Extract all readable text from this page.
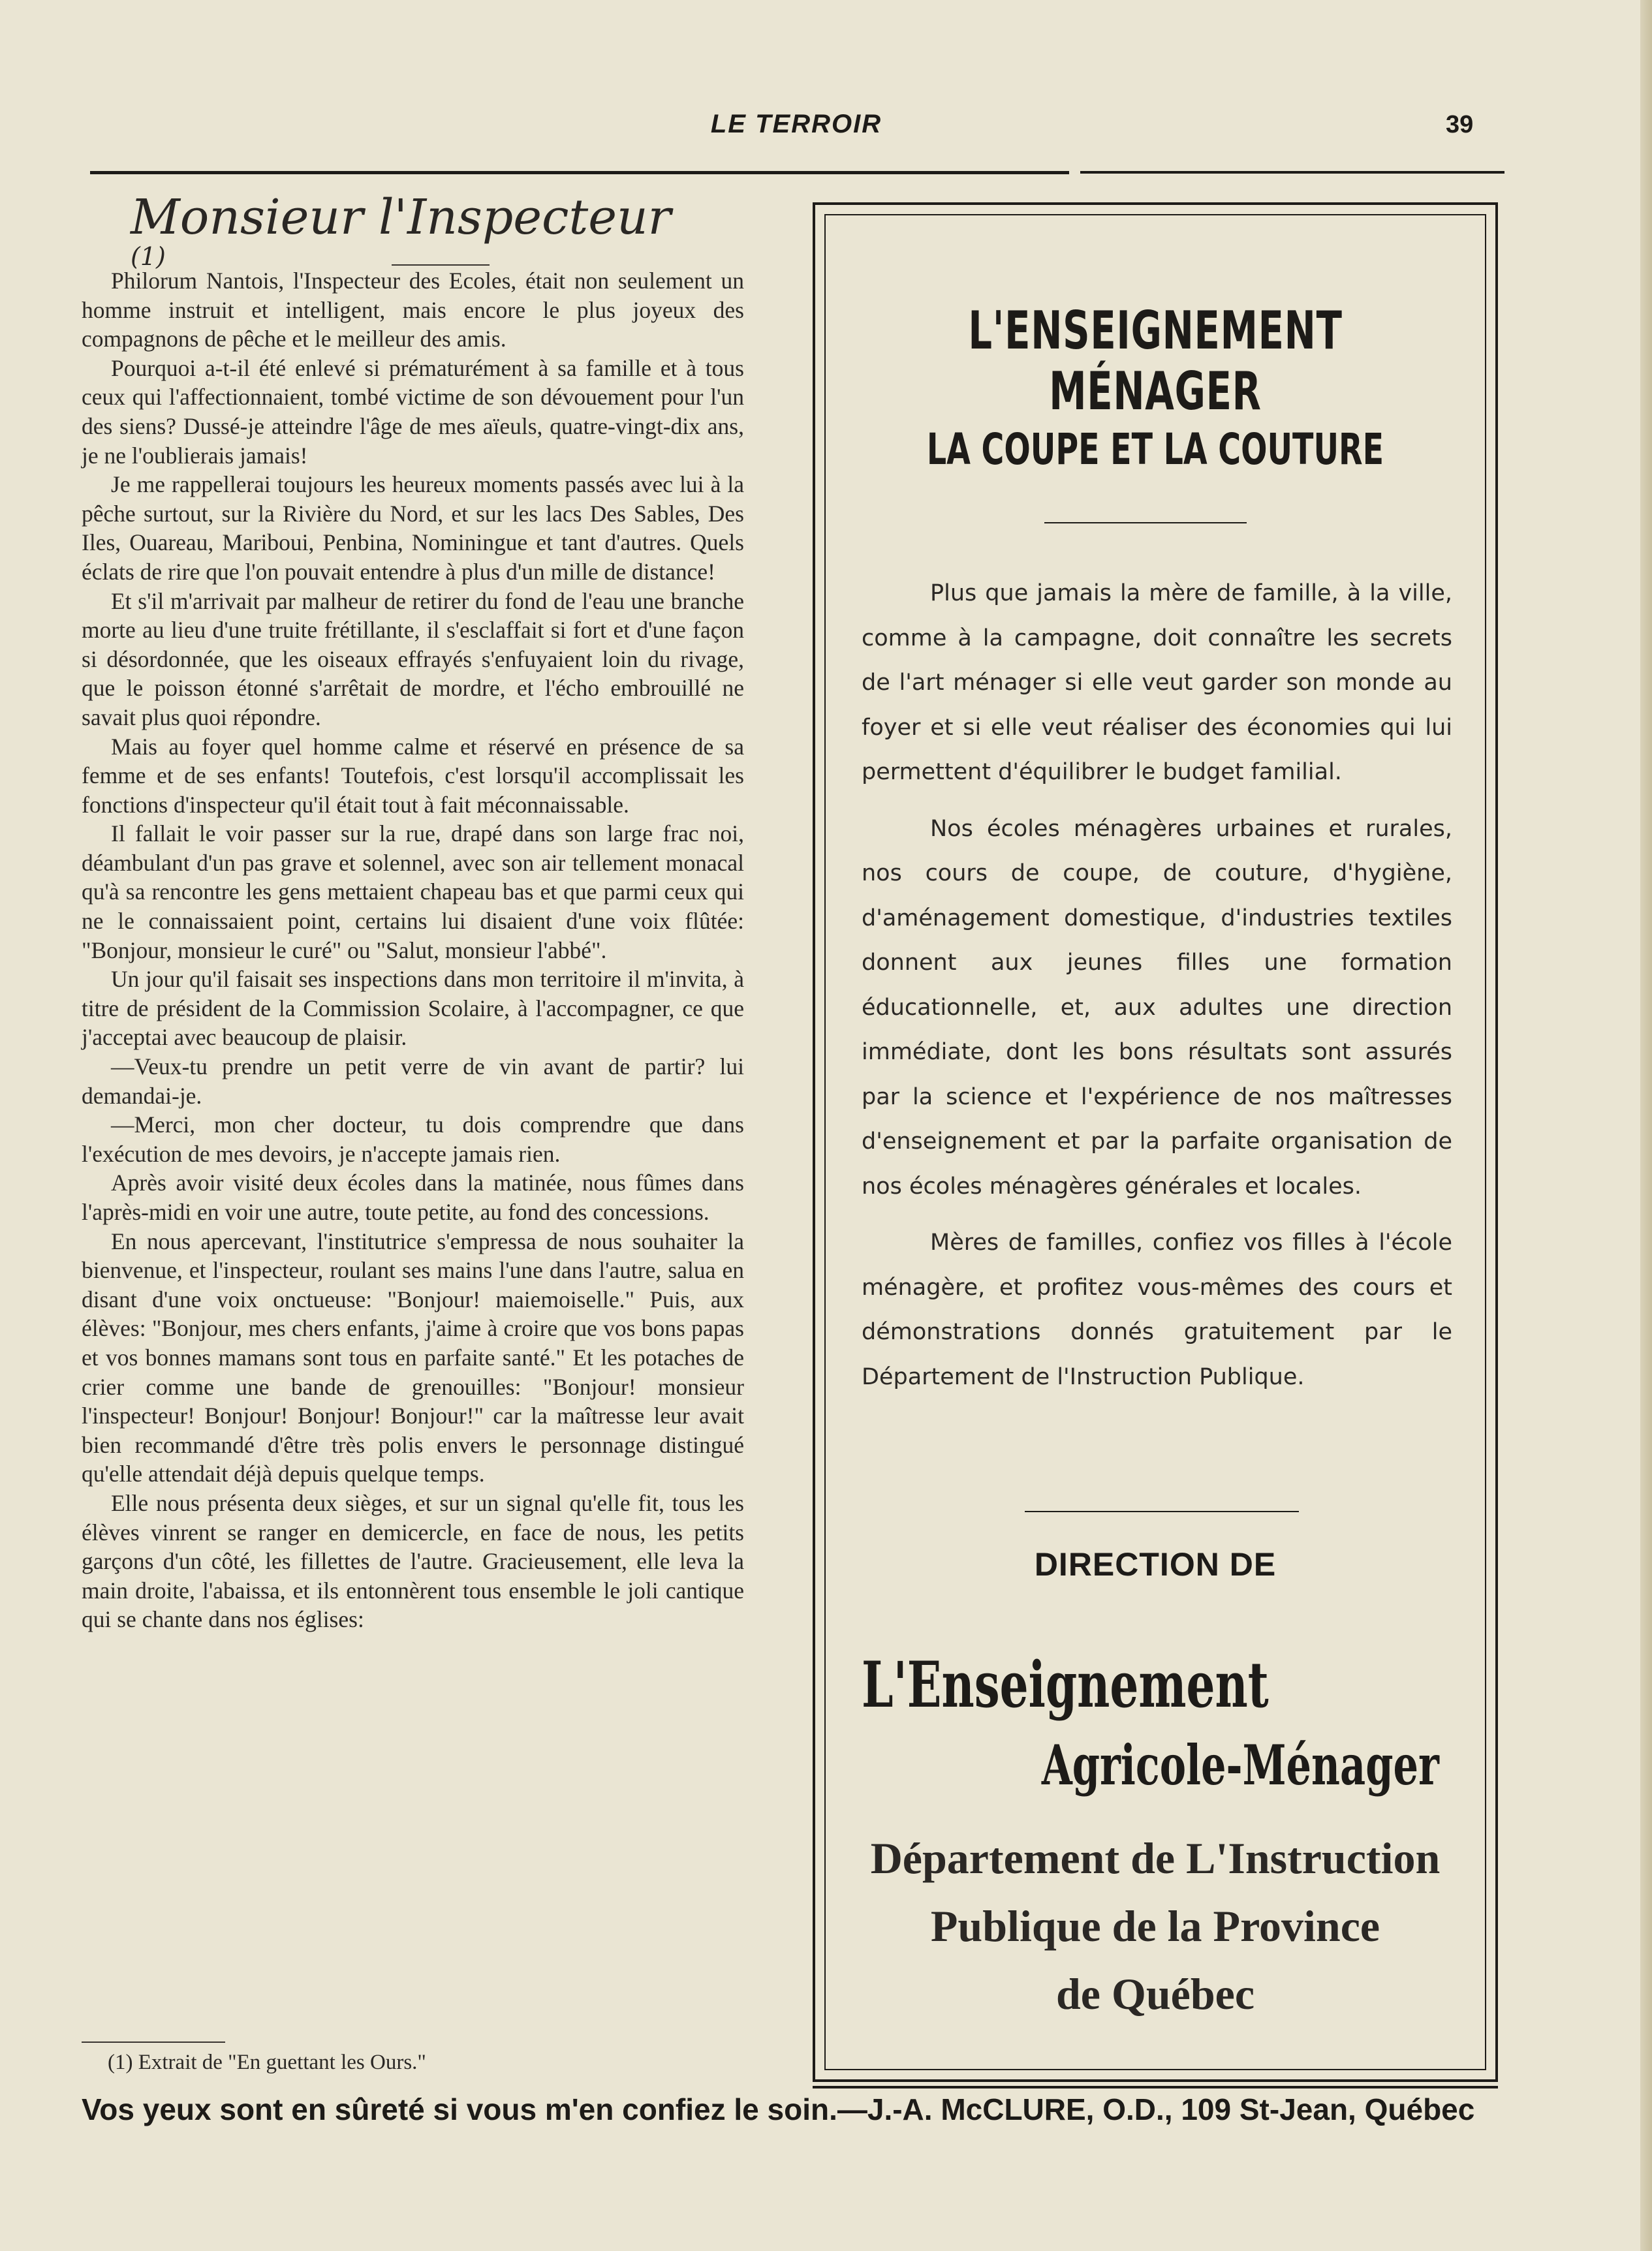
LE TERROIR	39
Monsieur l'Inspecteur $^{(1)}$

Philorum Nantois, l'Inspecteur des Ecoles, était non seulement un homme instruit et intelligent, mais encore le plus joyeux des compagnons de pêche et le meilleur des amis.

Pourquoi a-t-il été enlevé si prématurément à sa famille et à tous ceux qui l'affectionnaient, tombé victime de son dévouement pour l'un des siens? Dussé-je atteindre l'âge de mes aïeuls, quatre-vingt-dix ans, je ne l'oublierais jamais!

Je me rappellerai toujours les heureux moments passés avec lui à la pêche surtout, sur la Rivière du Nord, et sur les lacs Des Sables, Des Iles, Ouareau, Mariboui, Penbina, Nominingue et tant d'autres. Quels éclats de rire que l'on pouvait entendre à plus d'un mille de distance!

Et s'il m'arrivait par malheur de retirer du fond de l'eau une branche morte au lieu d'une truite frétillante, il s'esclaffait si fort et d'une façon si désordonnée, que les oiseaux effrayés s'enfuyaient loin du rivage, que le poisson étonné s'arrêtait de mordre, et l'écho embrouillé ne savait plus quoi répondre.

Mais au foyer quel homme calme et réservé en présence de sa femme et de ses enfants! Toutefois, c'est lorsqu'il accomplissait les fonctions d'inspecteur qu'il était tout à fait méconnaissable.

Il fallait le voir passer sur la rue, drapé dans son large frac noi, déambulant d'un pas grave et solennel, avec son air tellement monacal qu'à sa rencontre les gens mettaient chapeau bas et que parmi ceux qui ne le connaissaient point, certains lui disaient d'une voix flûtée: "Bonjour, monsieur le curé" ou "Salut, monsieur l'abbé".

Un jour qu'il faisait ses inspections dans mon territoire il m'invita, à titre de président de la Commission Scolaire, à l'accompagner, ce que j'acceptai avec beaucoup de plaisir.

—Veux-tu prendre un petit verre de vin avant de partir? lui demandai-je.

—Merci, mon cher docteur, tu dois comprendre que dans l'exécution de mes devoirs, je n'accepte jamais rien.

Après avoir visité deux écoles dans la matinée, nous fûmes dans l'après-midi en voir une autre, toute petite, au fond des concessions.

En nous apercevant, l'institutrice s'empressa de nous souhaiter la bienvenue, et l'inspecteur, roulant ses mains l'une dans l'autre, salua en disant d'une voix onctueuse: "Bonjour! maiemoiselle." Puis, aux élèves: "Bonjour, mes chers enfants, j'aime à croire que vos bons papas et vos bonnes mamans sont tous en parfaite santé." Et les potaches de crier comme une bande de grenouilles: "Bonjour! monsieur l'inspecteur! Bonjour! Bonjour! Bonjour!" car la maîtresse leur avait bien recommandé d'être très polis envers le personnage distingué qu'elle attendait déjà depuis quelque temps.

Elle nous présenta deux sièges, et sur un signal qu'elle fit, tous les élèves vinrent se ranger en demicercle, en face de nous, les petits garçons d'un côté, les fillettes de l'autre. Gracieusement, elle leva la main droite, l'abaissa, et ils entonnèrent tous ensemble le joli cantique qui se chante dans nos églises:

(1) Extrait de "En guettant les Ours."
L'ENSEIGNEMENT MÉNAGER
LA COUPE ET LA COUTURE

Plus que jamais la mère de famille, à la ville, comme à la campagne, doit connaître les secrets de l'art ménager si elle veut garder son monde au foyer et si elle veut réaliser des économies qui lui permettent d'équilibrer le budget familial.

Nos écoles ménagères urbaines et rurales, nos cours de coupe, de couture, d'hygiène, d'aménagement domestique, d'industries textiles donnent aux jeunes filles une formation éducationnelle, et, aux adultes une direction immédiate, dont les bons résultats sont assurés par la science et l'expérience de nos maîtresses d'enseignement et par la parfaite organisation de nos écoles ménagères générales et locales.

Mères de familles, confiez vos filles à l'école ménagère, et profitez vous-mêmes des cours et démonstrations donnés gratuitement par le Département de l'Instruction Publique.

DIRECTION DE
L'Enseignement
Agricole-Ménager
Département de L'Instruction
Publique de la Province
de Québec
Vos yeux sont en sûreté si vous m'en confiez le soin.—J.-A. McCLURE, O.D., 109 St-Jean, Québec
